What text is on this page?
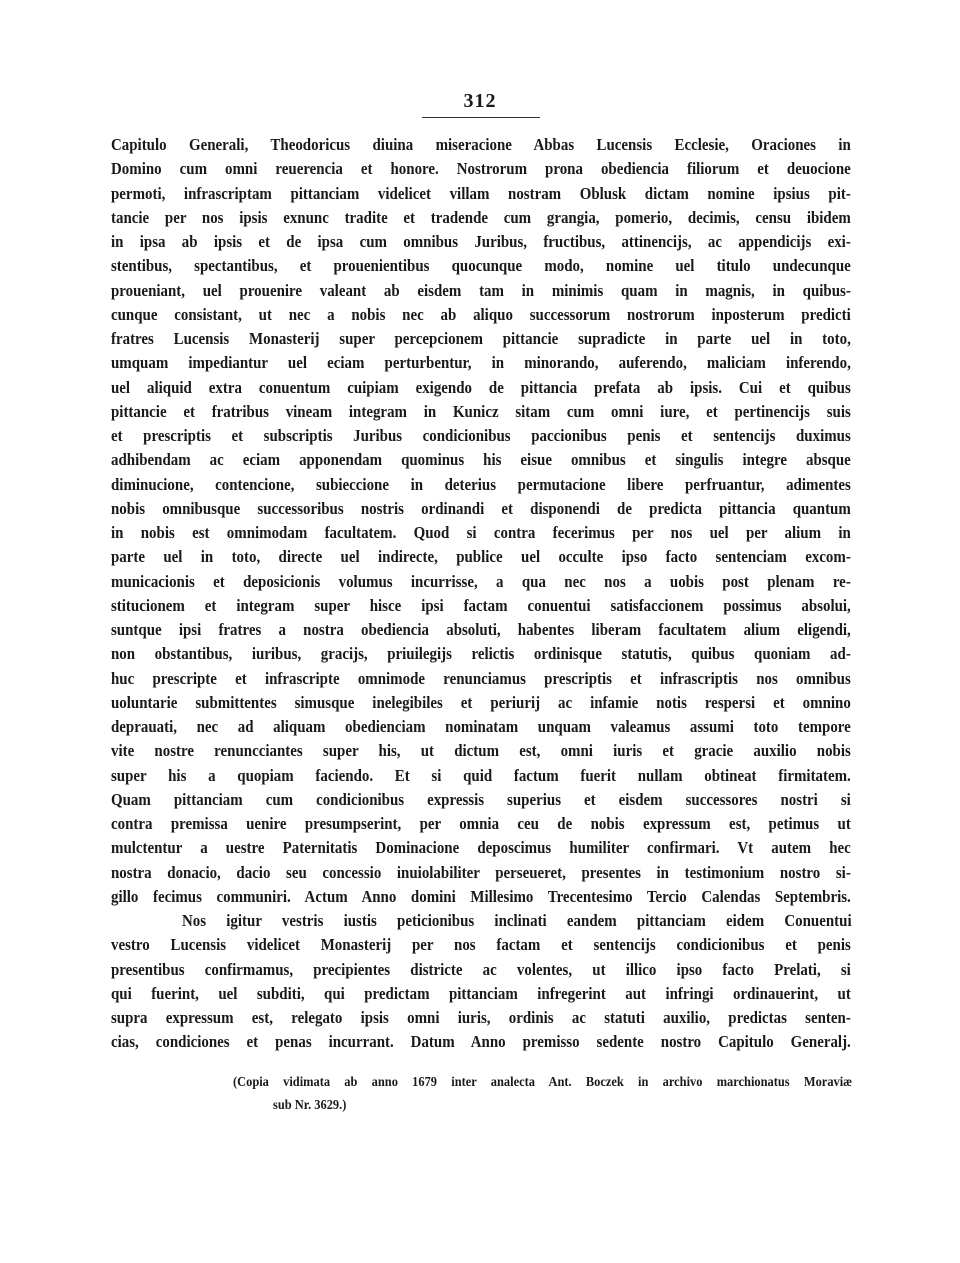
312
Capitulo Generali, Theodoricus diuina miseracione Abbas Lucensis Ecclesie, Oraciones in
Domino cum omni reuerencia et honore. Nostrorum prona obediencia filiorum et deuocione
permoti, infrascriptam pittanciam videlicet villam nostram Oblusk dictam nomine ipsius pit-
tancie per nos ipsis exnunc tradite et tradende cum grangia, pomerio, decimis, censu ibidem
in ipsa ab ipsis et de ipsa cum omnibus Juribus, fructibus, attinencijs, ac appendicijs exi-
stentibus, spectantibus, et prouenientibus quocunque modo, nomine uel titulo undecunque
proueniant, uel prouenire valeant ab eisdem tam in minimis quam in magnis, in quibus-
cunque consistant, ut nec a nobis nec ab aliquo successorum nostrorum inposterum predicti
fratres Lucensis Monasterij super percepcionem pittancie supradicte in parte uel in toto,
umquam impediantur uel eciam perturbentur, in minorando, auferendo, maliciam inferendo,
uel aliquid extra conuentum cuipiam exigendo de pittancia prefata ab ipsis. Cui et quibus
pittancie et fratribus vineam integram in Kunicz sitam cum omni iure, et pertinencijs suis
et prescriptis et subscriptis Juribus condicionibus paccionibus penis et sentencijs duximus
adhibendam ac eciam apponendam quominus his eisue omnibus et singulis integre absque
diminucione, contencione, subieccione in deterius permutacione libere perfruantur, adimentes
nobis omnibusque successoribus nostris ordinandi et disponendi de predicta pittancia quantum
in nobis est omnimodam facultatem. Quod si contra fecerimus per nos uel per alium in
parte uel in toto, directe uel indirecte, publice uel occulte ipso facto sentenciam excom-
municacionis et deposicionis volumus incurrisse, a qua nec nos a uobis post plenam re-
stitucionem et integram super hisce ipsi factam conuentui satisfaccionem possimus absolui,
suntque ipsi fratres a nostra obediencia absoluti, habentes liberam facultatem alium eligendi,
non obstantibus, iuribus, gracijs, priuilegijs relictis ordinisque statutis, quibus quoniam ad-
huc prescripte et infrascripte omnimode renunciamus prescriptis et infrascriptis nos omnibus
uoluntarie submittentes simusque inelegibiles et periurij ac infamie notis respersi et omnino
deprauati, nec ad aliquam obedienciam nominatam unquam valeamus assumi toto tempore
vite nostre renuncciantes super his, ut dictum est, omni iuris et gracie auxilio nobis
super his a quopiam faciendo. Et si quid factum fuerit nullam obtineat firmitatem.
Quam pittanciam cum condicionibus expressis superius et eisdem successores nostri si
contra premissa uenire presumpserint, per omnia ceu de nobis expressum est, petimus ut
mulctentur a uestre Paternitatis Dominacione deposcimus humiliter confirmari. Vt autem hec
nostra donacio, dacio seu concessio inuiolabiliter perseueret, presentes in testimonium nostro si-
gillo fecimus communiri. Actum Anno domini Millesimo Trecentesimo Tercio Calendas Septembris.
Nos igitur vestris iustis peticionibus inclinati eandem pittanciam eidem Conuentui
vestro Lucensis videlicet Monasterij per nos factam et sentencijs condicionibus et penis
presentibus confirmamus, precipientes districte ac volentes, ut illico ipso facto Prelati, si
qui fuerint, uel subditi, qui predictam pittanciam infregerint aut infringi ordinauerint, ut
supra expressum est, relegato ipsis omni iuris, ordinis ac statuti auxilio, predictas senten-
cias, condiciones et penas incurrant. Datum Anno premisso sedente nostro Capitulo Generalj.
(Copia vidimata ab anno 1679 inter analecta Ant. Boczek in archivo marchionatus Moraviæ
sub Nr. 3629.)
